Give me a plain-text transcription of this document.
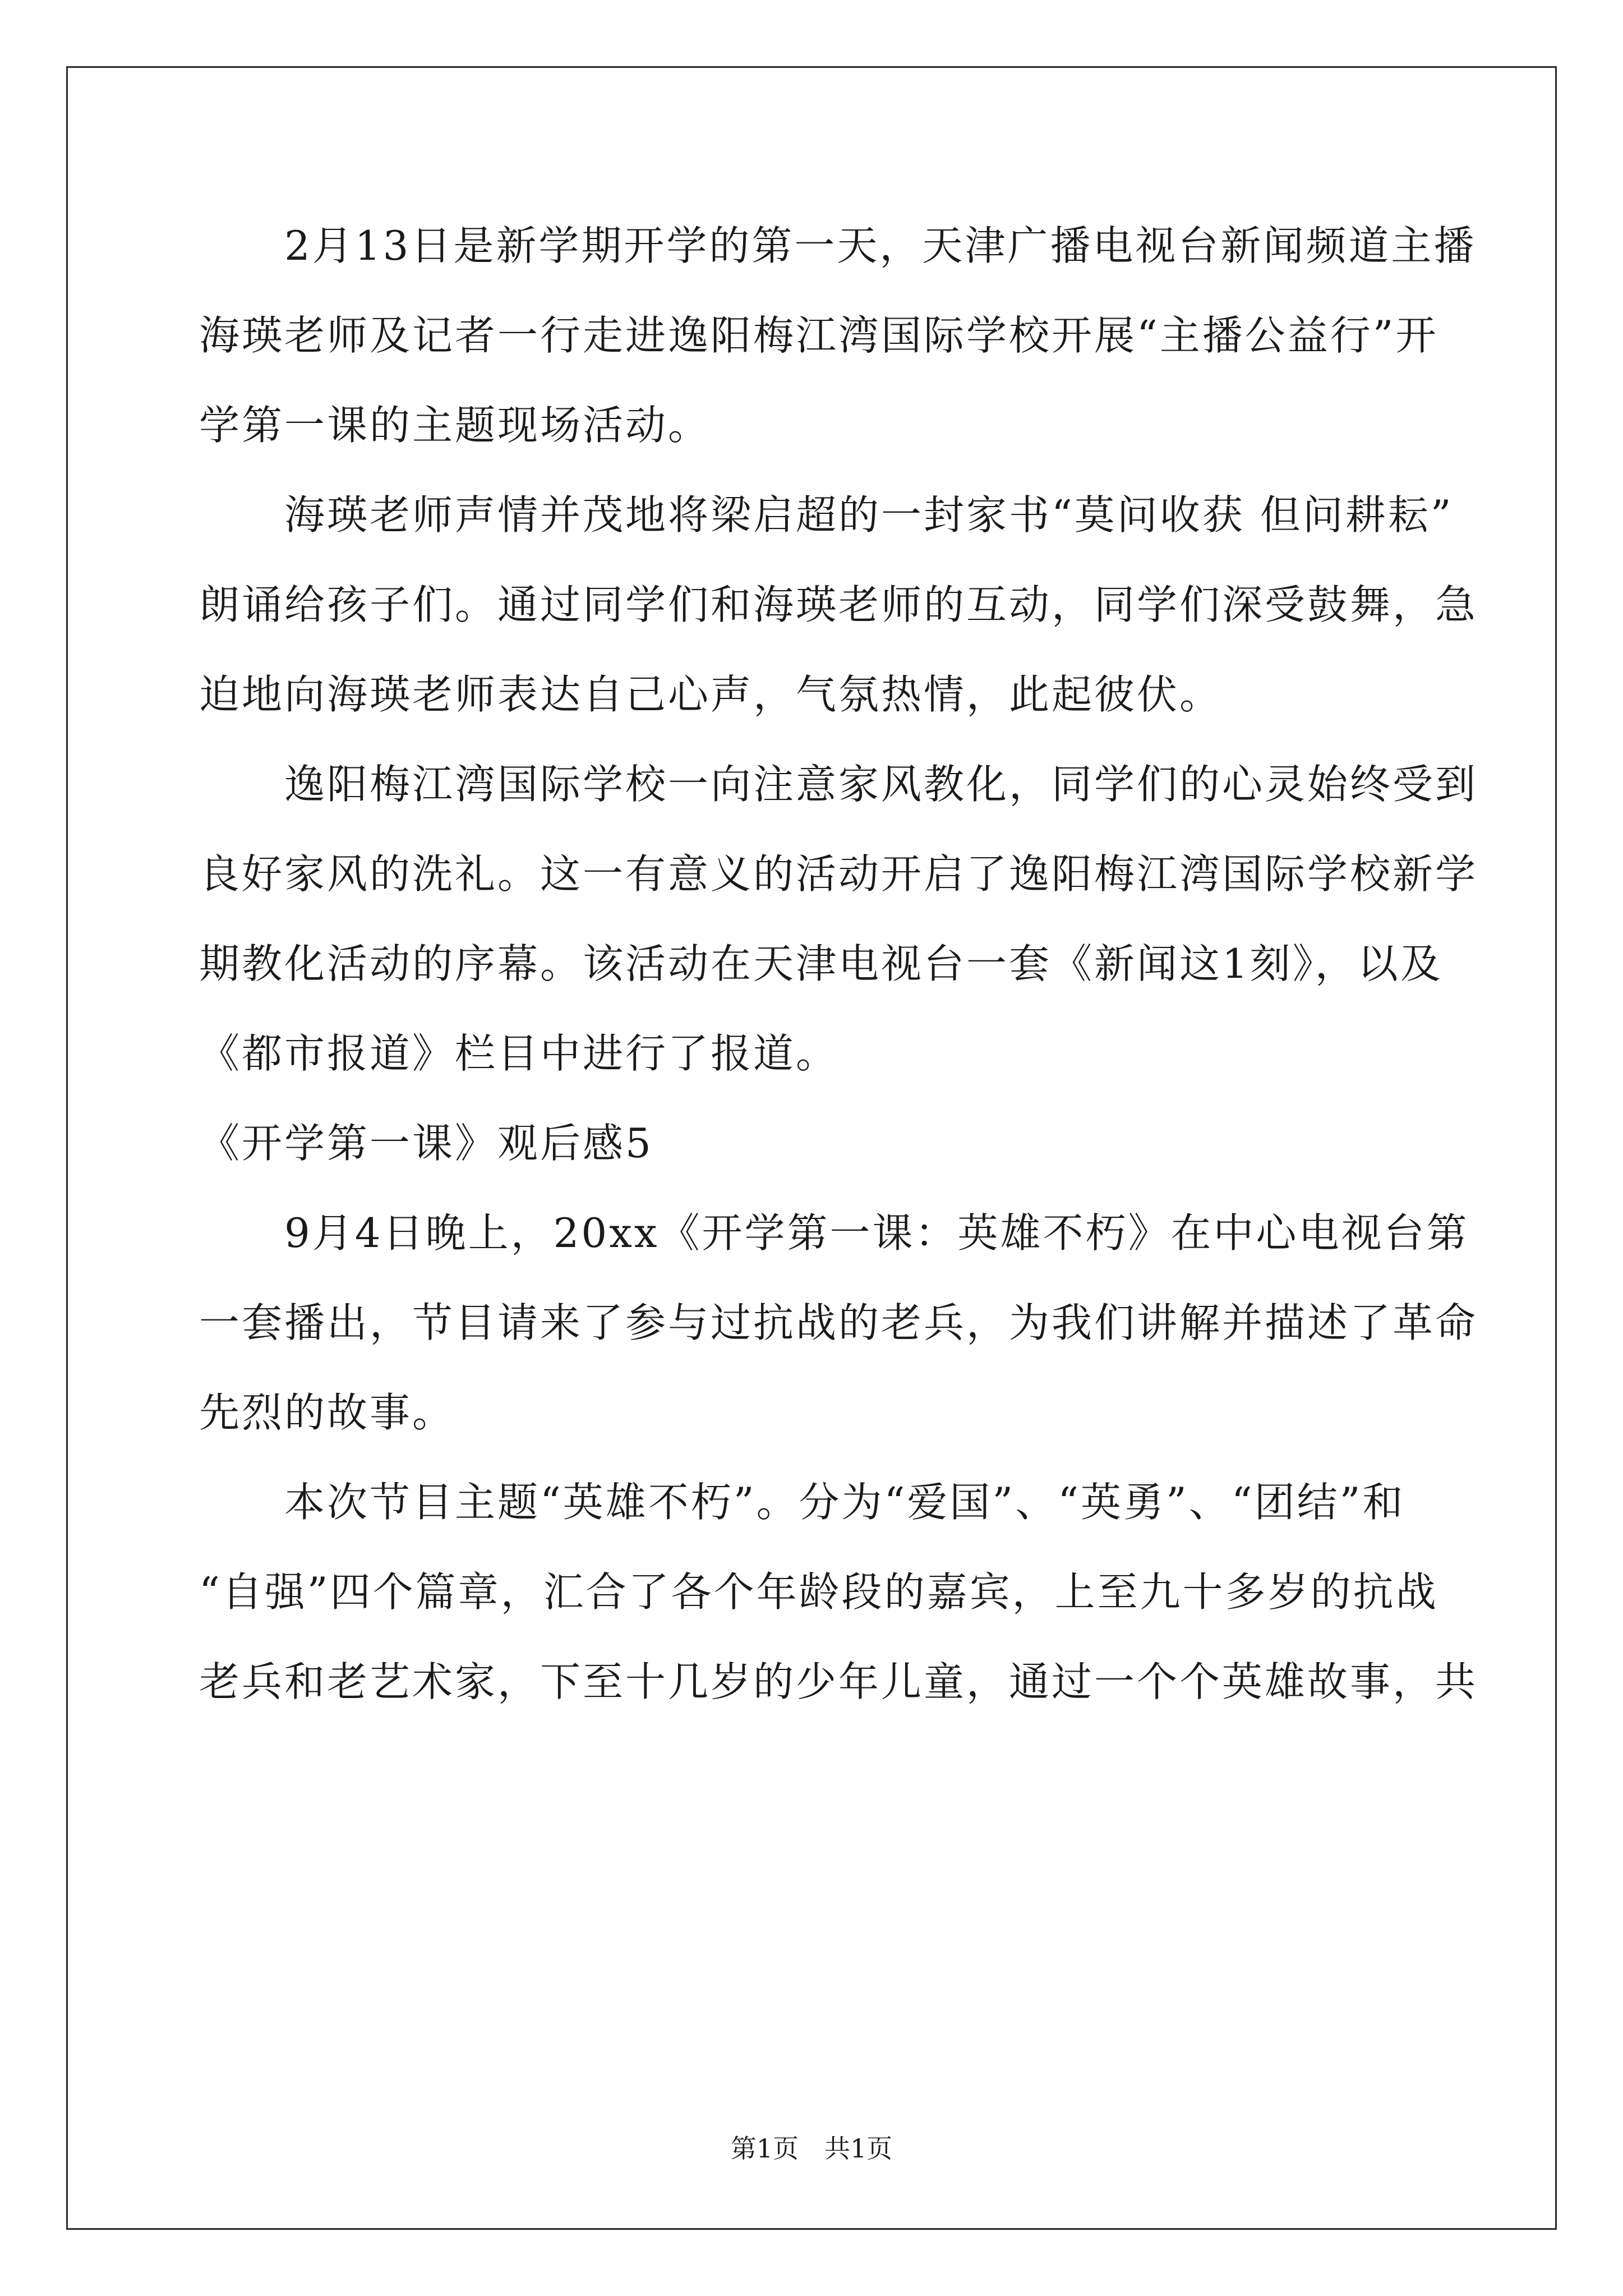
　　2月13日是新学期开学的第一天，天津广播电视台新闻频道主播
海瑛老师及记者一行走进逸阳梅江湾国际学校开展“主播公益行”开
学第一课的主题现场活动。
　　海瑛老师声情并茂地将梁启超的一封家书“莫问收获 但问耕耘”
朗诵给孩子们。通过同学们和海瑛老师的互动，同学们深受鼓舞，急
迫地向海瑛老师表达自己心声，气氛热情，此起彼伏。
　　逸阳梅江湾国际学校一向注意家风教化，同学们的心灵始终受到
良好家风的洗礼。这一有意义的活动开启了逸阳梅江湾国际学校新学
期教化活动的序幕。该活动在天津电视台一套《新闻这1刻》，以及
《都市报道》栏目中进行了报道。
《开学第一课》观后感5
　　9月4日晚上，20xx《开学第一课：英雄不朽》在中心电视台第
一套播出，节目请来了参与过抗战的老兵，为我们讲解并描述了革命
先烈的故事。
　　本次节目主题“英雄不朽”。分为“爱国”、“英勇”、“团结”和
“自强”四个篇章，汇合了各个年龄段的嘉宾，上至九十多岁的抗战
老兵和老艺术家，下至十几岁的少年儿童，通过一个个英雄故事，共
第1页　共1页
